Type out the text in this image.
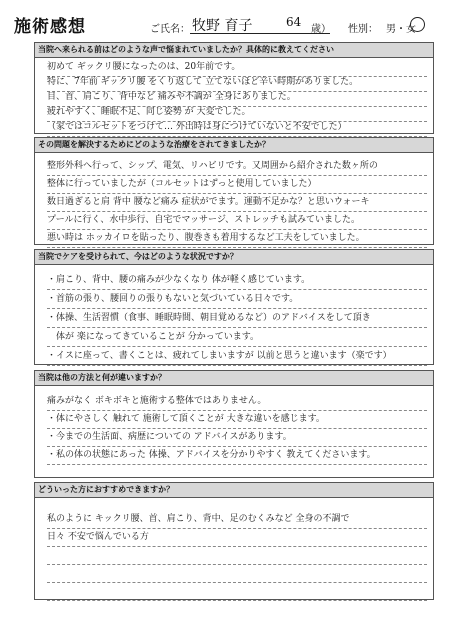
施術感想	ご氏名： 牧野 育子	64
歳） 性別： 男・女
当院へ来られる前はどのような声で悩まれていましたか？具体的に教えてください
初めて ギックリ腰になったのは、20年前です。
特に、7年前 ギックリ腰 をくり返して 立てないほど辛い時期がありました。
目、首、肩こり、背中など 痛みや不調が 全身にありました。
疲れやすく、睡眠不足、同じ姿勢 が 大変でした。
（家ではコルセットをつけて… 外出時は身につけていないと不安でした）
その問題を解決するためにどのような治療をされてきましたか？
整形外科へ行って、シップ、電気、リハビリです。又周囲から紹介された数ヶ所の
整体に行っていましたが（コルセットはずっと使用していました）
数日過ぎると肩 背中 腰など痛み 症状がでます。運動不足かな？と思いウォーキ
プールに行く、水中歩行、自宅でマッサージ、ストレッチも試みていました。
悪い時は ホッカイロを貼ったり、腹巻きも着用するなど工夫をしていました。
当院でケアを受けられて、今はどのような状況ですか？
・肩こり、背中、腰の痛みが少なくなり 体が軽く感じています。
・首筋の張り、腰回りの張りもないと気づいている日々です。
・体操、生活習慣（食事、睡眠時間、朝目覚めるなど）のアドバイスをして頂き
　体が 楽になってきていることが 分かっています。
・イスに座って、書くことは、疲れてしまいますが 以前と思うと違います（楽です）
当院は他の方法と何が違いますか？
痛みがなく ボキボキと施術する整体ではありません。
・体にやさしく 触れて 施術して頂くことが 大きな違いを感じます。
・今までの生活面、病歴についての アドバイスがあります。
・私の体の状態にあった 体操、アドバイスを分かりやすく 教えてくださいます。
どういった方におすすめできますか？
私のように キックリ腰、首、肩こり、背中、足のむくみなど 全身の不調で
日々 不安で悩んでいる方
